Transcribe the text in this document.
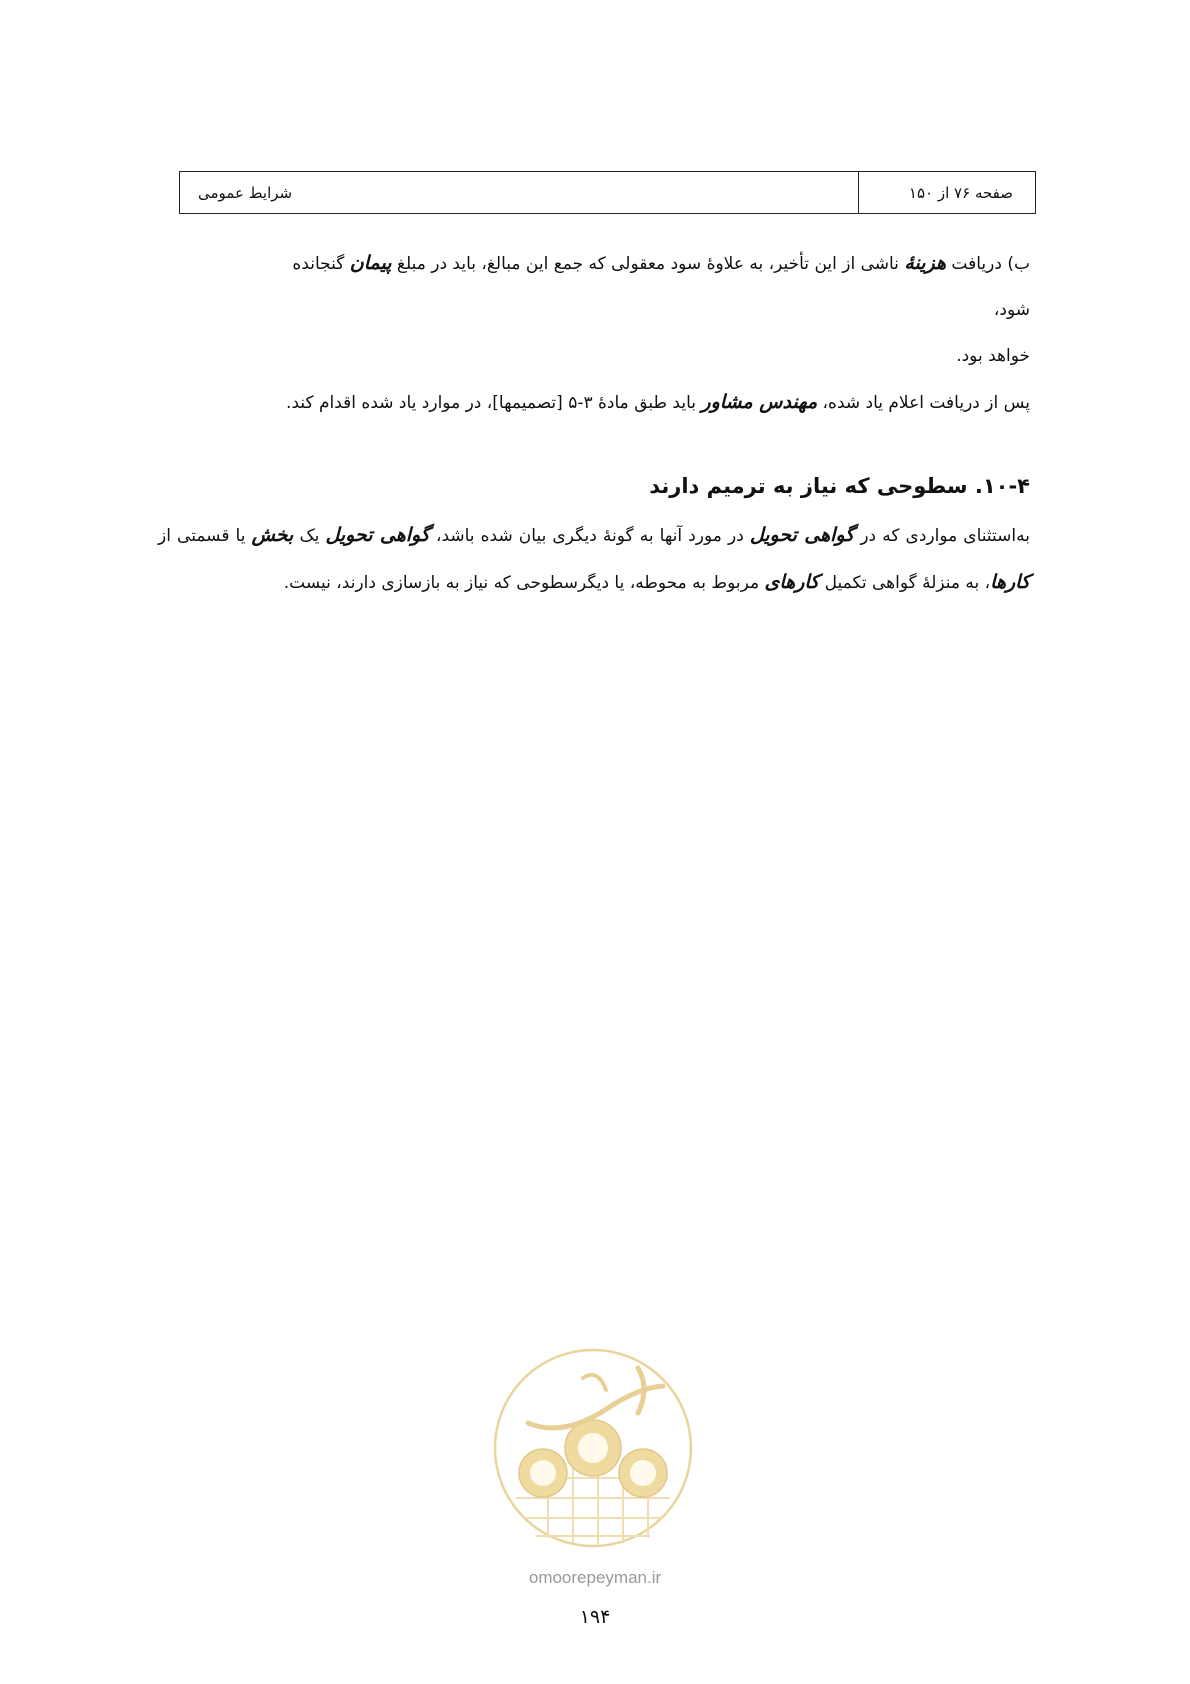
صفحه ۷۶ از ۱۵۰
شرایط عمومی

ب) دریافت هزینهٔ ناشی از این تأخیر، به علاوهٔ سود معقولی که جمع این مبالغ، باید در مبلغ پیمان گنجانده

شود،

خواهد بود.

پس از دریافت اعلام یاد شده، مهندس مشاور باید طبق مادهٔ ۳-۵ [تصمیمها]، در موارد یاد شده اقدام کند.

۱۰-۴. سطوحی که نیاز به ترمیم دارند

به‌استثنای مواردی که در گواهی تحویل در مورد آنها به گونهٔ دیگری بیان شده باشد، گواهی تحویل یک بخش یا قسمتی از کارها، به منزلهٔ گواهی تکمیل کارهای مربوط به محوطه، یا دیگرسطوحی که نیاز به بازسازی دارند، نیست.

omoorepeyman.ir
۱۹۴
